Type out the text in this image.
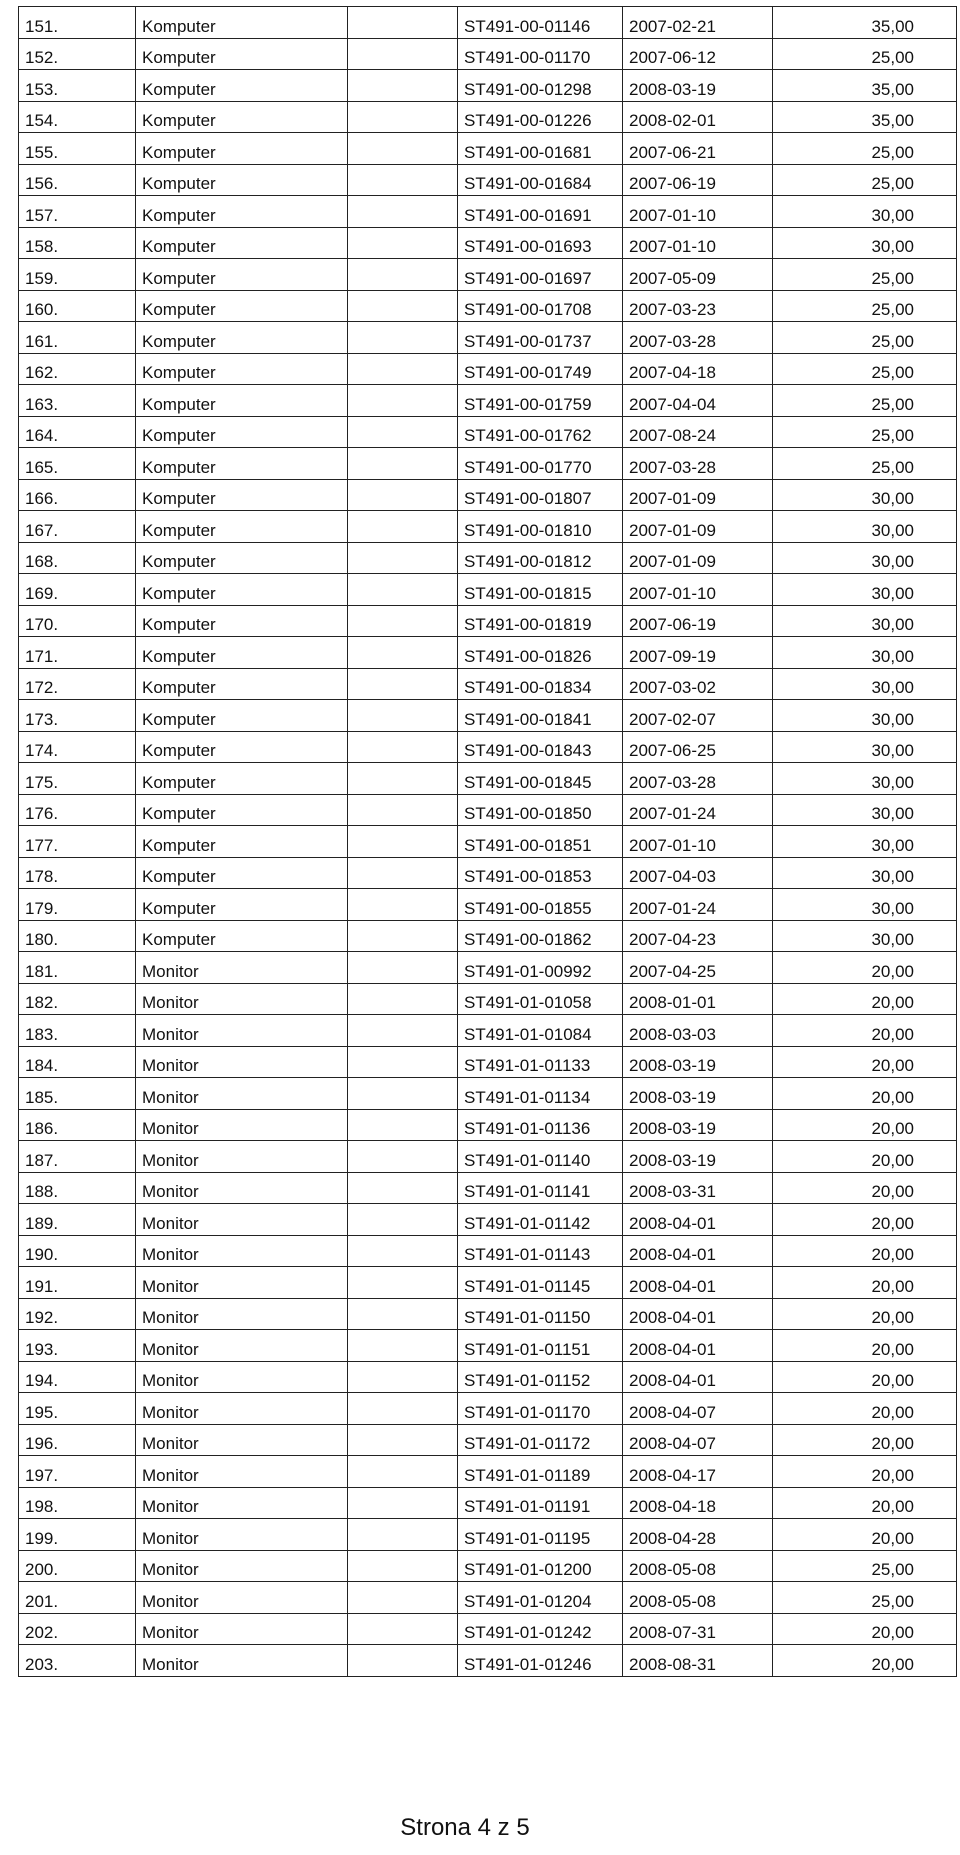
151.	Komputer		ST491-00-01146	2007-02-21	35,00
152.	Komputer		ST491-00-01170	2007-06-12	25,00
153.	Komputer		ST491-00-01298	2008-03-19	35,00
154.	Komputer		ST491-00-01226	2008-02-01	35,00
155.	Komputer		ST491-00-01681	2007-06-21	25,00
156.	Komputer		ST491-00-01684	2007-06-19	25,00
157.	Komputer		ST491-00-01691	2007-01-10	30,00
158.	Komputer		ST491-00-01693	2007-01-10	30,00
159.	Komputer		ST491-00-01697	2007-05-09	25,00
160.	Komputer		ST491-00-01708	2007-03-23	25,00
161.	Komputer		ST491-00-01737	2007-03-28	25,00
162.	Komputer		ST491-00-01749	2007-04-18	25,00
163.	Komputer		ST491-00-01759	2007-04-04	25,00
164.	Komputer		ST491-00-01762	2007-08-24	25,00
165.	Komputer		ST491-00-01770	2007-03-28	25,00
166.	Komputer		ST491-00-01807	2007-01-09	30,00
167.	Komputer		ST491-00-01810	2007-01-09	30,00
168.	Komputer		ST491-00-01812	2007-01-09	30,00
169.	Komputer		ST491-00-01815	2007-01-10	30,00
170.	Komputer		ST491-00-01819	2007-06-19	30,00
171.	Komputer		ST491-00-01826	2007-09-19	30,00
172.	Komputer		ST491-00-01834	2007-03-02	30,00
173.	Komputer		ST491-00-01841	2007-02-07	30,00
174.	Komputer		ST491-00-01843	2007-06-25	30,00
175.	Komputer		ST491-00-01845	2007-03-28	30,00
176.	Komputer		ST491-00-01850	2007-01-24	30,00
177.	Komputer		ST491-00-01851	2007-01-10	30,00
178.	Komputer		ST491-00-01853	2007-04-03	30,00
179.	Komputer		ST491-00-01855	2007-01-24	30,00
180.	Komputer		ST491-00-01862	2007-04-23	30,00
181.	Monitor		ST491-01-00992	2007-04-25	20,00
182.	Monitor		ST491-01-01058	2008-01-01	20,00
183.	Monitor		ST491-01-01084	2008-03-03	20,00
184.	Monitor		ST491-01-01133	2008-03-19	20,00
185.	Monitor		ST491-01-01134	2008-03-19	20,00
186.	Monitor		ST491-01-01136	2008-03-19	20,00
187.	Monitor		ST491-01-01140	2008-03-19	20,00
188.	Monitor		ST491-01-01141	2008-03-31	20,00
189.	Monitor		ST491-01-01142	2008-04-01	20,00
190.	Monitor		ST491-01-01143	2008-04-01	20,00
191.	Monitor		ST491-01-01145	2008-04-01	20,00
192.	Monitor		ST491-01-01150	2008-04-01	20,00
193.	Monitor		ST491-01-01151	2008-04-01	20,00
194.	Monitor		ST491-01-01152	2008-04-01	20,00
195.	Monitor		ST491-01-01170	2008-04-07	20,00
196.	Monitor		ST491-01-01172	2008-04-07	20,00
197.	Monitor		ST491-01-01189	2008-04-17	20,00
198.	Monitor		ST491-01-01191	2008-04-18	20,00
199.	Monitor		ST491-01-01195	2008-04-28	20,00
200.	Monitor		ST491-01-01200	2008-05-08	25,00
201.	Monitor		ST491-01-01204	2008-05-08	25,00
202.	Monitor		ST491-01-01242	2008-07-31	20,00
203.	Monitor		ST491-01-01246	2008-08-31	20,00
Strona 4 z 5
